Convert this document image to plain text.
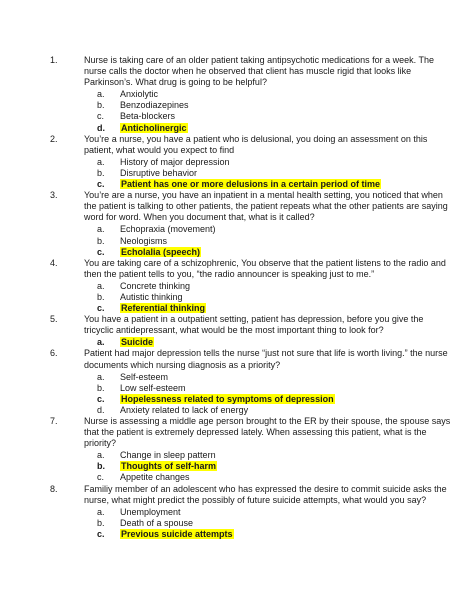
1.	Nurse is taking care of an older patient taking antipsychotic medications for a week. The nurse calls the doctor when he observed that client has muscle rigid that looks like Parkinson’s. What drug is going to be helpful?
a. Anxiolytic
b. Benzodiazepines
c. Beta-blockers
d. Anticholinergic
2.	You’re a nurse, you have a patient who is delusional, you doing an assessment on this patient, what would you expect to find
a. History of major depression
b. Disruptive behavior
c. Patient has one or more delusions in a certain period of time
3.	You’re are a nurse, you have an inpatient in a mental health setting, you noticed that when the patient is talking to other patients, the patient repeats what the other patients are saying word for word. When you document that, what is it called?
a. Echopraxia (movement)
b. Neologisms
c. Echolalia (speech)
4.	You are taking care of a schizophrenic, You observe that the patient listens to the radio and then the patient tells to you, “the radio announcer is speaking just to me.”
a. Concrete thinking
b. Autistic thinking
c. Referential thinking
5.	You have a patient in a outpatient setting, patient has depression, before you give the tricyclic antidepressant, what would be the most important thing to look for?
a. Suicide
6.	Patient had major depression tells the nurse “just not sure that life is worth living.” the nurse documents which nursing diagnosis as a priority?
a. Self-esteem
b. Low self-esteem
c. Hopelessness related to symptoms of depression
d. Anxiety related to lack of energy
7.	Nurse is assessing a middle age person brought to the ER by their spouse, the spouse says that the patient is extremely depressed lately. When assessing this patient, what is the priority?
a. Change in sleep pattern
b. Thoughts of self-harm
c. Appetite changes
8.	Familiy member of an adolescent who has expressed the desire to commit suicide asks the nurse, what might predict the possibly of future suicide attempts, what would you say?
a. Unemployment
b. Death of a spouse
c. Previous suicide attempts
